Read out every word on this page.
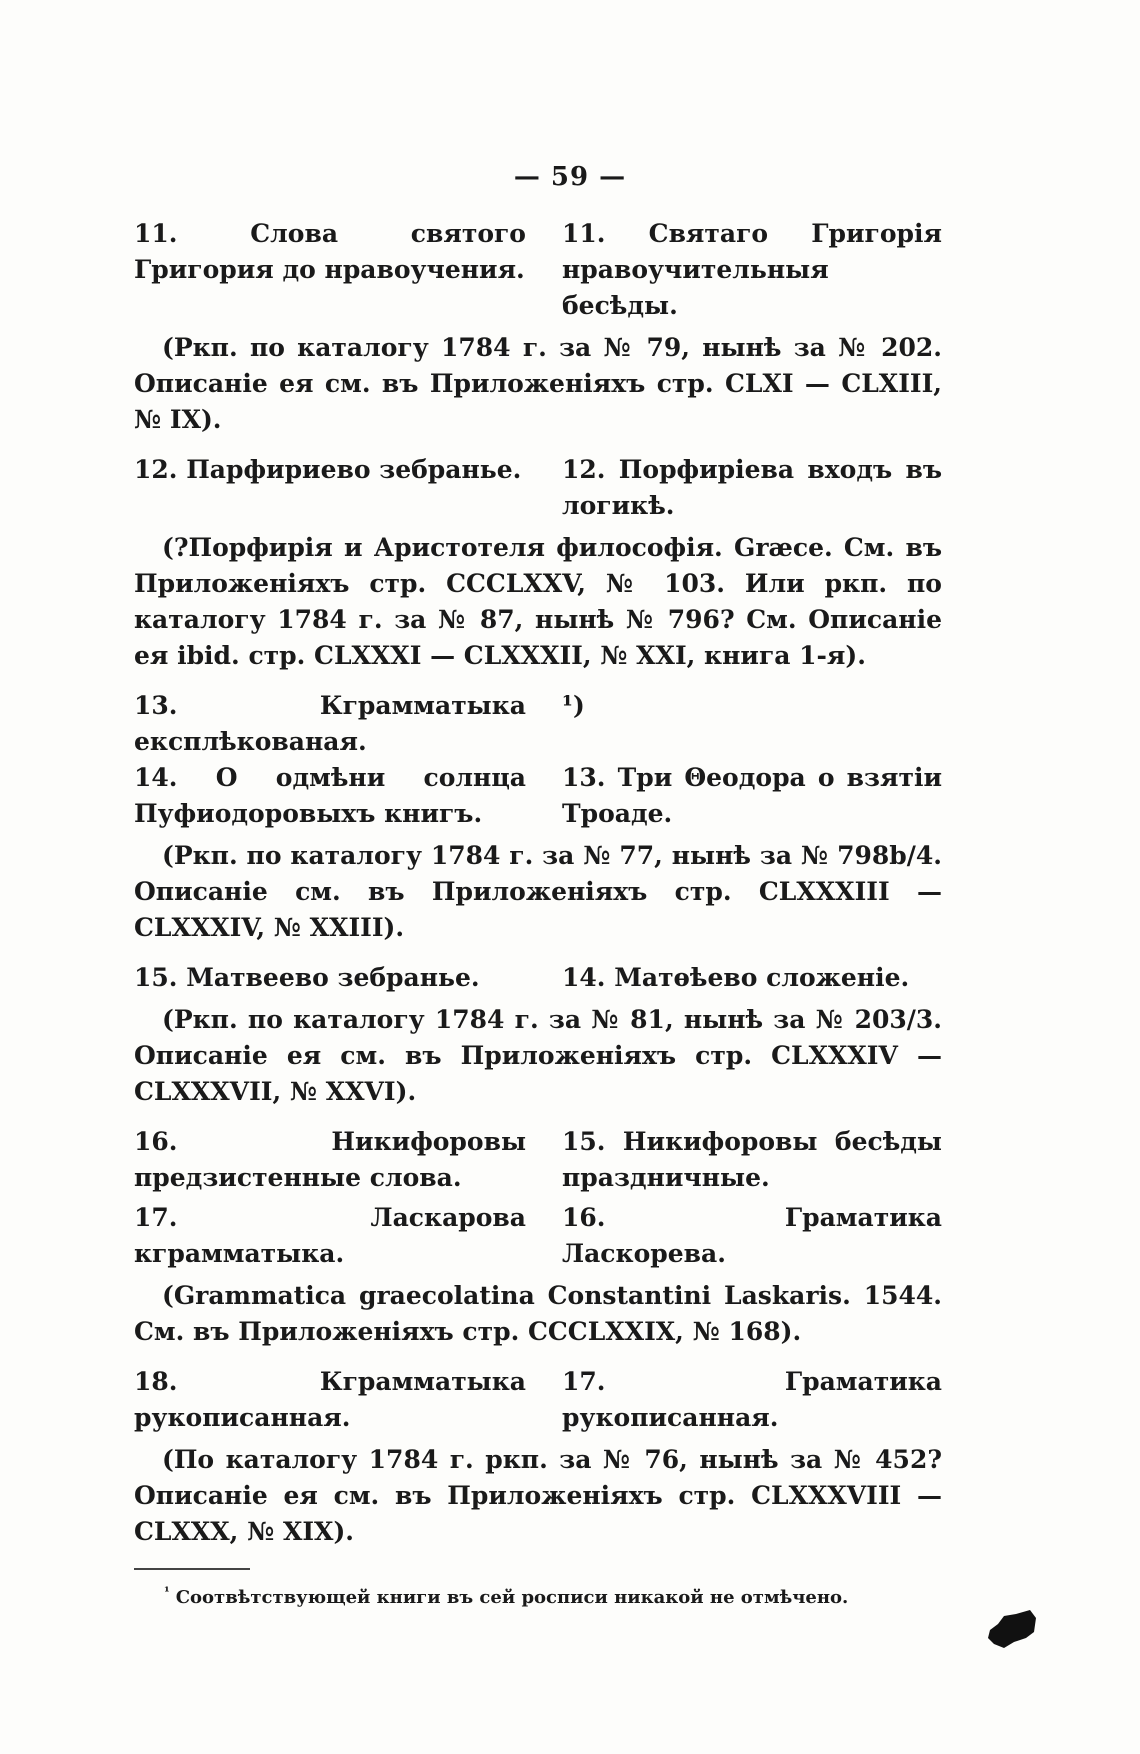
— 59 —
11. Слова святого Григория до нравоучения.
11. Святаго Григорія нравоучительныя бесѣды.

(Ркп. по каталогу 1784 г. за № 79, нынѣ за № 202. Описаніе ея см. въ Приложеніяхъ стр. CLXI — CLXIII, № IX).

12. Парфириево зебранье. 12. Порфиріева входъ въ логикѣ.

(?Порфирія и Аристотеля философія. Græce. См. въ Приложеніяхъ стр. CCCLXXV, № 103. Или ркп. по каталогу 1784 г. за № 87, нынѣ № 796? См. Описаніе ея ibid. стр. CLXXXI — CLXXXII, № XXI, книга 1-я).

13. Кграмматыка експлѣкованая.
¹)
14. О одмѣни солнца Пуфиодоровыхъ книгъ.
13. Три Θеодора о взятіи Троаде.

(Ркп. по каталогу 1784 г. за № 77, нынѣ за № 798b/4. Описаніе см. въ Приложеніяхъ стр. CLXXXIII — CLXXXIV, № XXIII).

15. Матвеево зебранье.	14. Матѳѣево сложеніе.

(Ркп. по каталогу 1784 г. за № 81, нынѣ за № 203/3. Описаніе ея см. въ Приложеніяхъ стр. CLXXXIV — CLXXXVII, № XXVI).

16. Никифоровы предзистенные слова.
15. Никифоровы бесѣды праздничные.
17. Ласкарова кграмматыка.
16. Граматика Ласкорева.

(Grammatica graecolatina Constantini Laskaris. 1544. См. въ Приложеніяхъ стр. CCCLXXIX, № 168).

18. Кграмматыка рукописанная.
17. Граматика рукописанная.

(По каталогу 1784 г. ркп. за № 76, нынѣ за № 452? Описаніе ея см. въ Приложеніяхъ стр. CLXXXVIII — CLXXX, № XIX).

$^{^1}$ Соотвѣтствующей книги въ сей росписи никакой не отмѣчено.
